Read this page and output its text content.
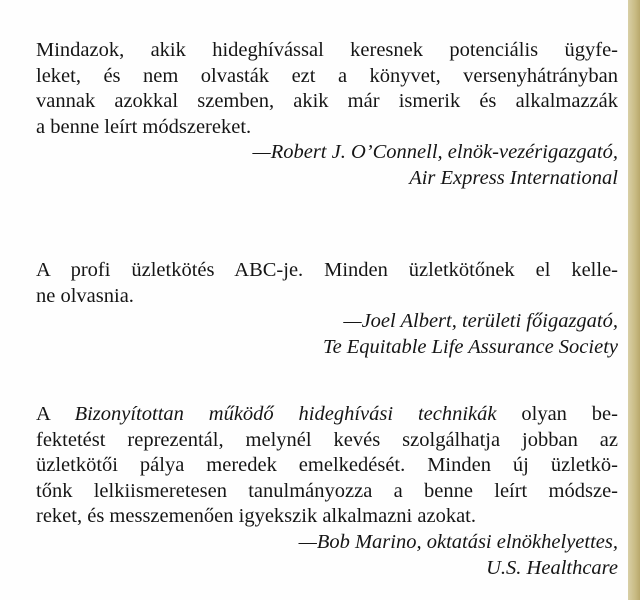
Mindazok, akik hideghívással keresnek potenciális ügyfe-
leket, és nem olvasták ezt a könyvet, versenyhátrányban
vannak azokkal szemben, akik már ismerik és alkalmazzák
a benne leírt módszereket.
—Robert J. O’Connell, elnök-vezérigazgató,
Air Express International
A profi üzletkötés ABC-je. Minden üzletkötőnek el kelle-
ne olvasnia.
—Joel Albert, területi főigazgató,
Te Equitable Life Assurance Society
A Bizonyítottan működő hideghívási technikák olyan be-
fektetést reprezentál, melynél kevés szolgálhatja jobban az
üzletkötői pálya meredek emelkedését. Minden új üzletkö-
tőnk lelkiismeretesen tanulmányozza a benne leírt módsze-
reket, és messzemenően igyekszik alkalmazni azokat.
—Bob Marino, oktatási elnökhelyettes,
U.S. Healthcare
